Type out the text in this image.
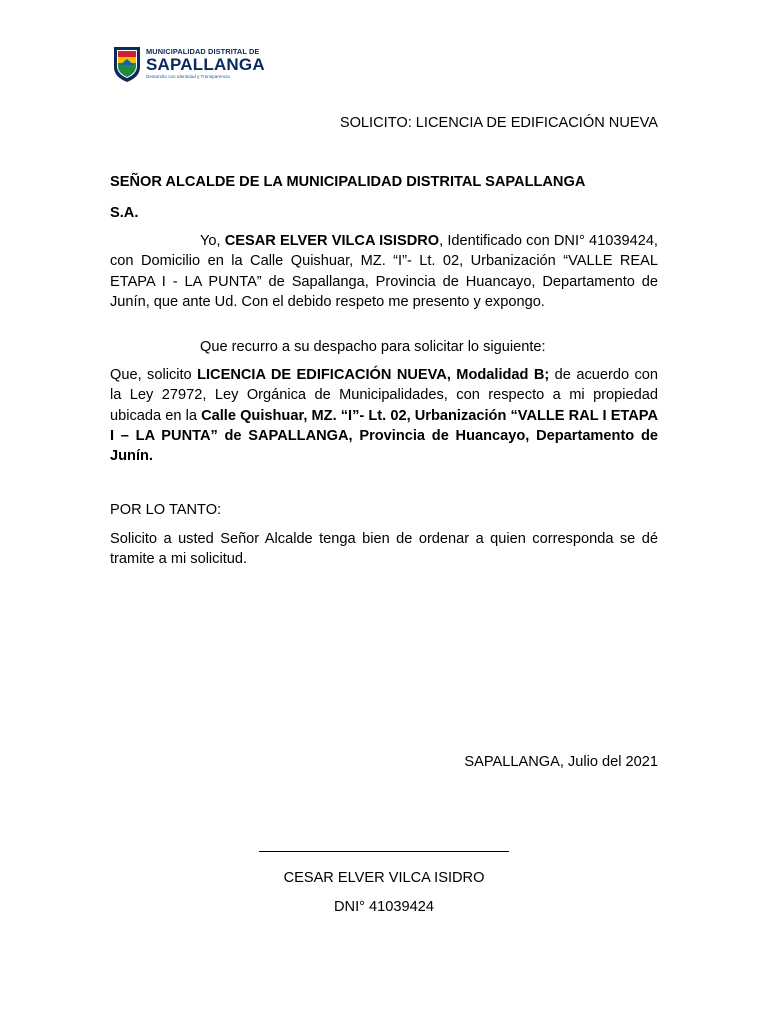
MUNICIPALIDAD DISTRITAL DE
SAPALLANGA
Desarrollo con Identidad y Transparencia
SOLICITO: LICENCIA DE EDIFICACIÓN NUEVA
SEÑOR ALCALDE DE LA MUNICIPALIDAD DISTRITAL SAPALLANGA
S.A.
Yo, CESAR ELVER VILCA ISISDRO, Identificado con DNI° 41039424, con Domicilio en la Calle Quishuar, MZ. “I”- Lt. 02, Urbanización “VALLE REAL ETAPA I - LA PUNTA” de Sapallanga, Provincia de Huancayo, Departamento de Junín, que ante Ud. Con el debido respeto me presento y expongo.
Que recurro a su despacho para solicitar lo siguiente:
Que, solicito LICENCIA DE EDIFICACIÓN NUEVA, Modalidad B; de acuerdo con la Ley 27972, Ley Orgánica de Municipalidades, con respecto a mi propiedad ubicada en la Calle Quishuar, MZ. “I”- Lt. 02, Urbanización “VALLE RAL I ETAPA I – LA PUNTA” de SAPALLANGA, Provincia de Huancayo, Departamento de Junín.
POR LO TANTO:
Solicito a usted Señor Alcalde tenga bien de ordenar a quien corresponda se dé tramite a mi solicitud.
SAPALLANGA, Julio del 2021
CESAR ELVER VILCA ISIDRO
DNI° 41039424
